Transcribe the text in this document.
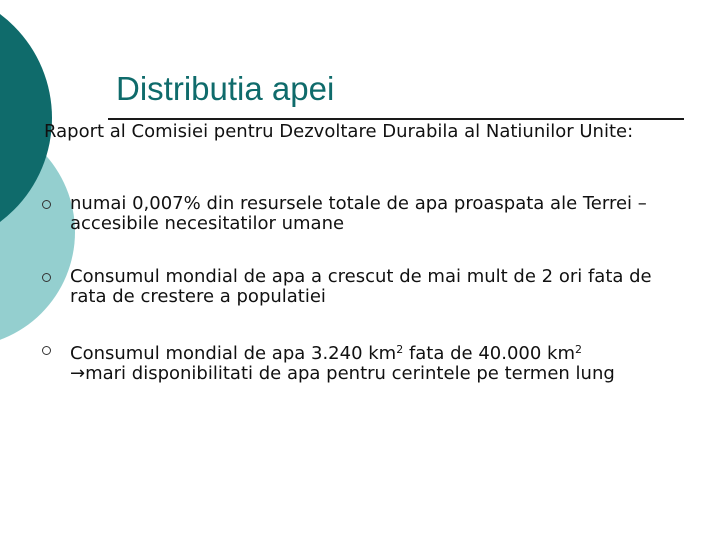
Distributia apei
Raport al Comisiei pentru Dezvoltare Durabila al Natiunilor Unite:
numai 0,007% din resursele totale de apa proaspata ale Terrei –accesibile necesitatilor umane
Consumul mondial de apa a crescut de mai mult de 2 ori fata de rata de crestere a populatiei
Consumul mondial de apa 3.240 $km^2$ fata de 40.000 $km^2$
→mari disponibilitati de apa pentru cerintele pe termen lung
